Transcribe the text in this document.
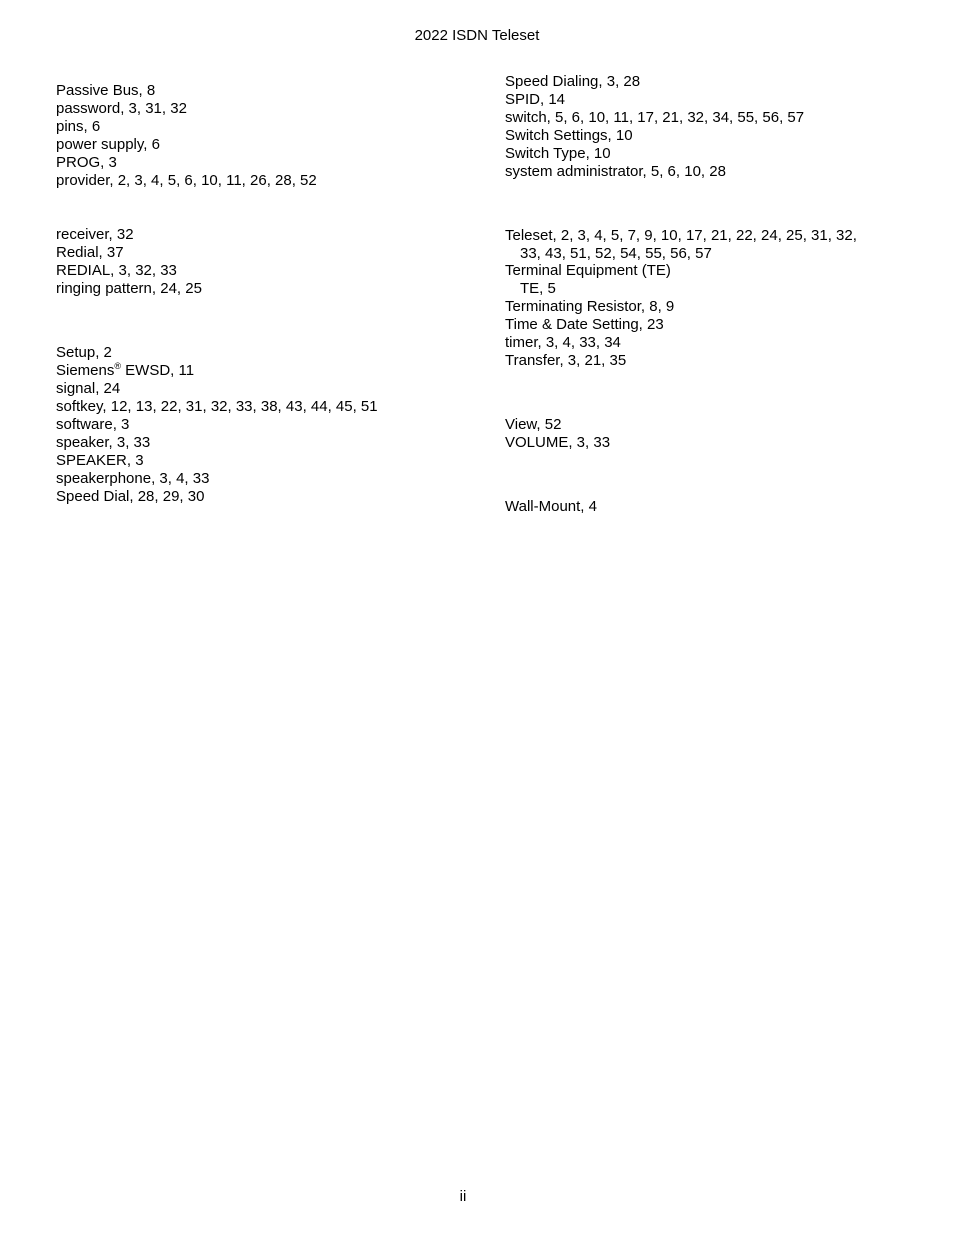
2022 ISDN Teleset
Passive Bus, 8
password, 3, 31, 32
pins, 6
power supply, 6
PROG, 3
provider, 2, 3, 4, 5, 6, 10, 11, 26, 28, 52
receiver, 32
Redial, 37
REDIAL, 3, 32, 33
ringing pattern, 24, 25
Setup, 2
Siemens® EWSD, 11
signal, 24
softkey, 12, 13, 22, 31, 32, 33, 38, 43, 44, 45, 51
software, 3
speaker, 3, 33
SPEAKER, 3
speakerphone, 3, 4, 33
Speed Dial, 28, 29, 30
Speed Dialing, 3, 28
SPID, 14
switch, 5, 6, 10, 11, 17, 21, 32, 34, 55, 56, 57
Switch Settings, 10
Switch Type, 10
system administrator, 5, 6, 10, 28
Teleset, 2, 3, 4, 5, 7, 9, 10, 17, 21, 22, 24, 25, 31, 32,
33, 43, 51, 52, 54, 55, 56, 57
Terminal Equipment (TE)
TE, 5
Terminating Resistor, 8, 9
Time & Date Setting, 23
timer, 3, 4, 33, 34
Transfer, 3, 21, 35
View, 52
VOLUME, 3, 33
Wall-Mount, 4
ii
